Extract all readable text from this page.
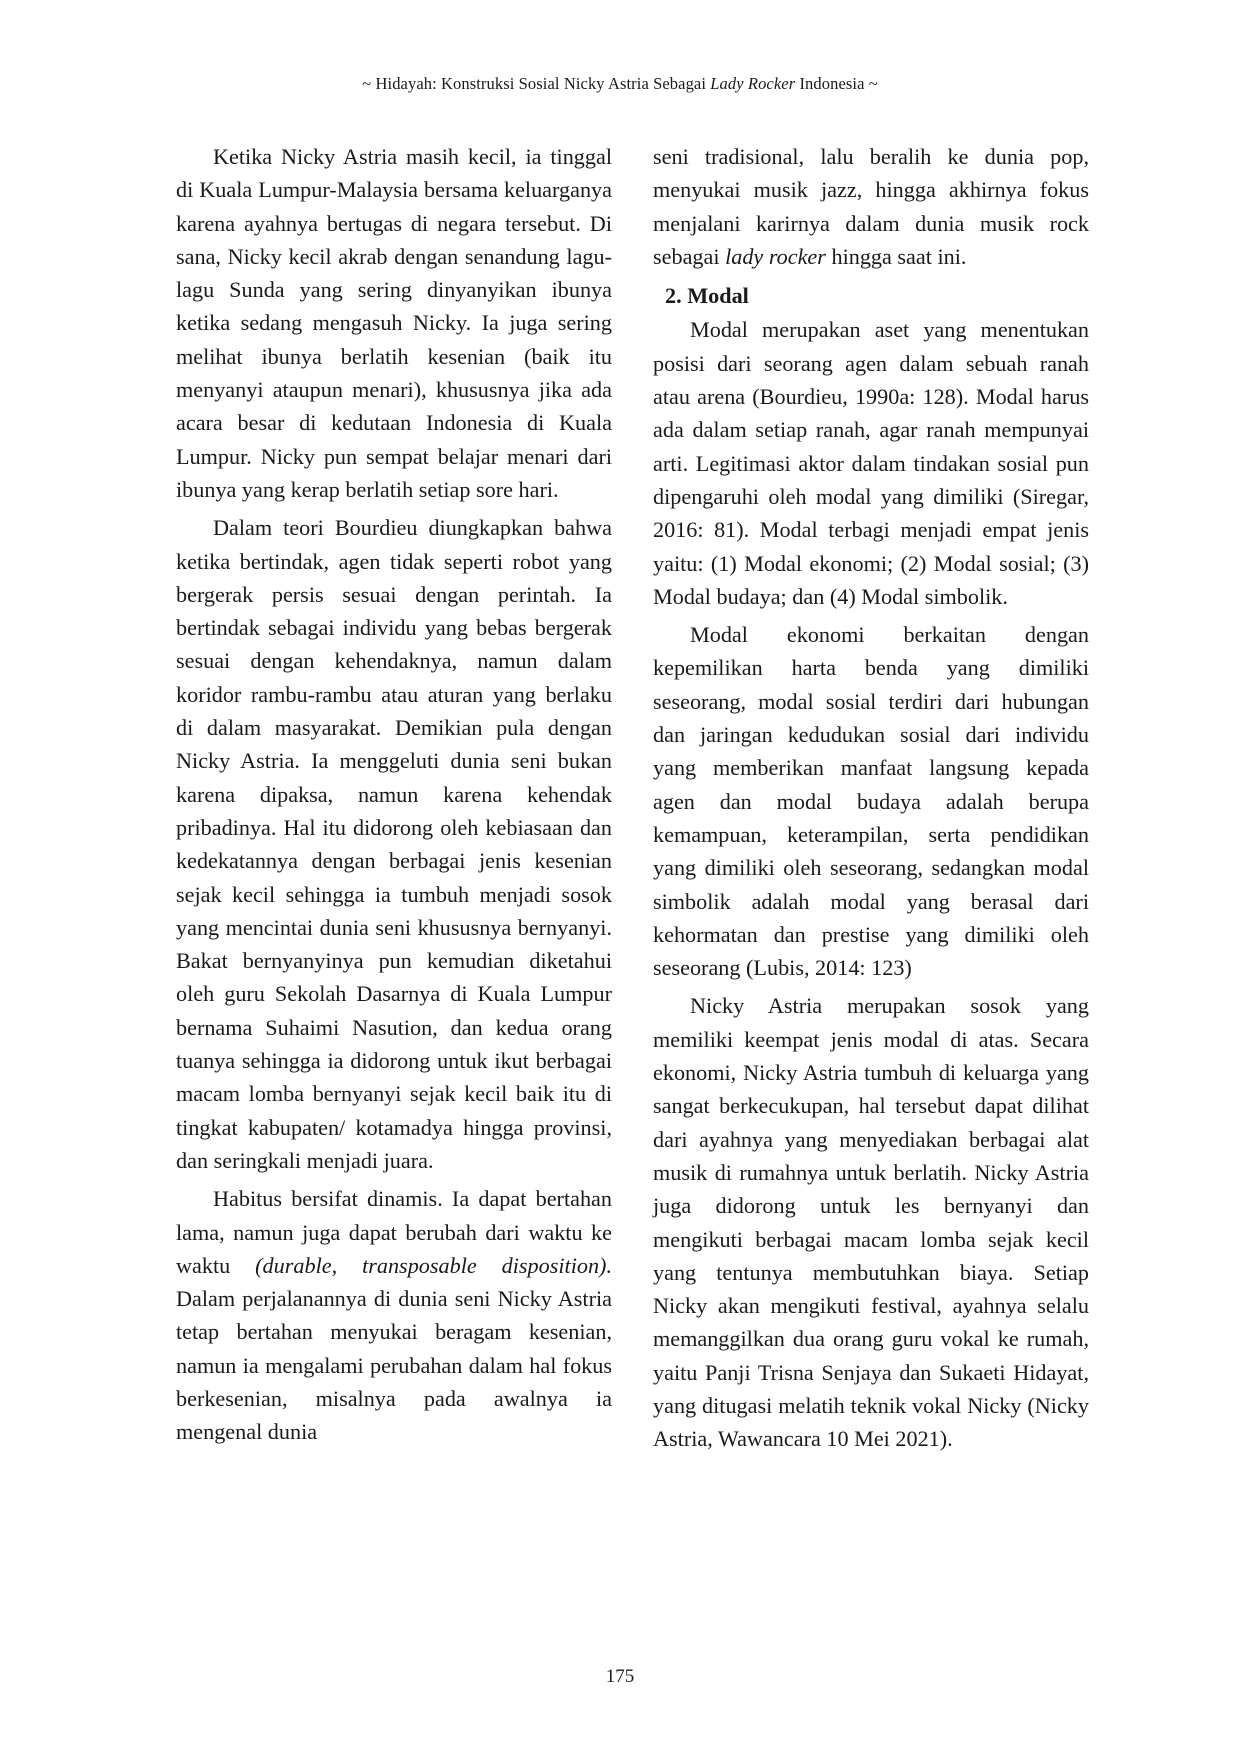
~ Hidayah: Konstruksi Sosial Nicky Astria Sebagai Lady Rocker Indonesia ~

Ketika Nicky Astria masih kecil, ia tinggal di Kuala Lumpur-Malaysia bersama keluarganya karena ayahnya bertugas di negara tersebut. Di sana, Nicky kecil akrab dengan senandung lagu-lagu Sunda yang sering dinyanyikan ibunya ketika sedang mengasuh Nicky. Ia juga sering melihat ibunya berlatih kesenian (baik itu menyanyi ataupun menari), khususnya jika ada acara besar di kedutaan Indonesia di Kuala Lumpur. Nicky pun sempat belajar menari dari ibunya yang kerap berlatih setiap sore hari.

Dalam teori Bourdieu diungkapkan bahwa ketika bertindak, agen tidak seperti robot yang bergerak persis sesuai dengan perintah. Ia bertindak sebagai individu yang bebas bergerak sesuai dengan kehendaknya, namun dalam koridor rambu-rambu atau aturan yang berlaku di dalam masyarakat. Demikian pula dengan Nicky Astria. Ia menggeluti dunia seni bukan karena dipaksa, namun karena kehendak pribadinya. Hal itu didorong oleh kebiasaan dan kedekatannya dengan berbagai jenis kesenian sejak kecil sehingga ia tumbuh menjadi sosok yang mencintai dunia seni khususnya bernyanyi. Bakat bernyanyinya pun kemudian diketahui oleh guru Sekolah Dasarnya di Kuala Lumpur bernama Suhaimi Nasution, dan kedua orang tuanya sehingga ia didorong untuk ikut berbagai macam lomba bernyanyi sejak kecil baik itu di tingkat kabupaten/ kotamadya hingga provinsi, dan seringkali menjadi juara.

Habitus bersifat dinamis. Ia dapat bertahan lama, namun juga dapat berubah dari waktu ke waktu (durable, transposable disposition). Dalam perjalanannya di dunia seni Nicky Astria tetap bertahan menyukai beragam kesenian, namun ia mengalami perubahan dalam hal fokus berkesenian, misalnya pada awalnya ia mengenal dunia

seni tradisional, lalu beralih ke dunia pop, menyukai musik jazz, hingga akhirnya fokus menjalani karirnya dalam dunia musik rock sebagai lady rocker hingga saat ini.

2. Modal

Modal merupakan aset yang menentukan posisi dari seorang agen dalam sebuah ranah atau arena (Bourdieu, 1990a: 128). Modal harus ada dalam setiap ranah, agar ranah mempunyai arti. Legitimasi aktor dalam tindakan sosial pun dipengaruhi oleh modal yang dimiliki (Siregar, 2016: 81). Modal terbagi menjadi empat jenis yaitu: (1) Modal ekonomi; (2) Modal sosial; (3) Modal budaya; dan (4) Modal simbolik.

Modal ekonomi berkaitan dengan kepemilikan harta benda yang dimiliki seseorang, modal sosial terdiri dari hubungan dan jaringan kedudukan sosial dari individu yang memberikan manfaat langsung kepada agen dan modal budaya adalah berupa kemampuan, keterampilan, serta pendidikan yang dimiliki oleh seseorang, sedangkan modal simbolik adalah modal yang berasal dari kehormatan dan prestise yang dimiliki oleh seseorang (Lubis, 2014: 123)

Nicky Astria merupakan sosok yang memiliki keempat jenis modal di atas. Secara ekonomi, Nicky Astria tumbuh di keluarga yang sangat berkecukupan, hal tersebut dapat dilihat dari ayahnya yang menyediakan berbagai alat musik di rumahnya untuk berlatih. Nicky Astria juga didorong untuk les bernyanyi dan mengikuti berbagai macam lomba sejak kecil yang tentunya membutuhkan biaya. Setiap Nicky akan mengikuti festival, ayahnya selalu memanggilkan dua orang guru vokal ke rumah, yaitu Panji Trisna Senjaya dan Sukaeti Hidayat, yang ditugasi melatih teknik vokal Nicky (Nicky Astria, Wawancara 10 Mei 2021).

175
